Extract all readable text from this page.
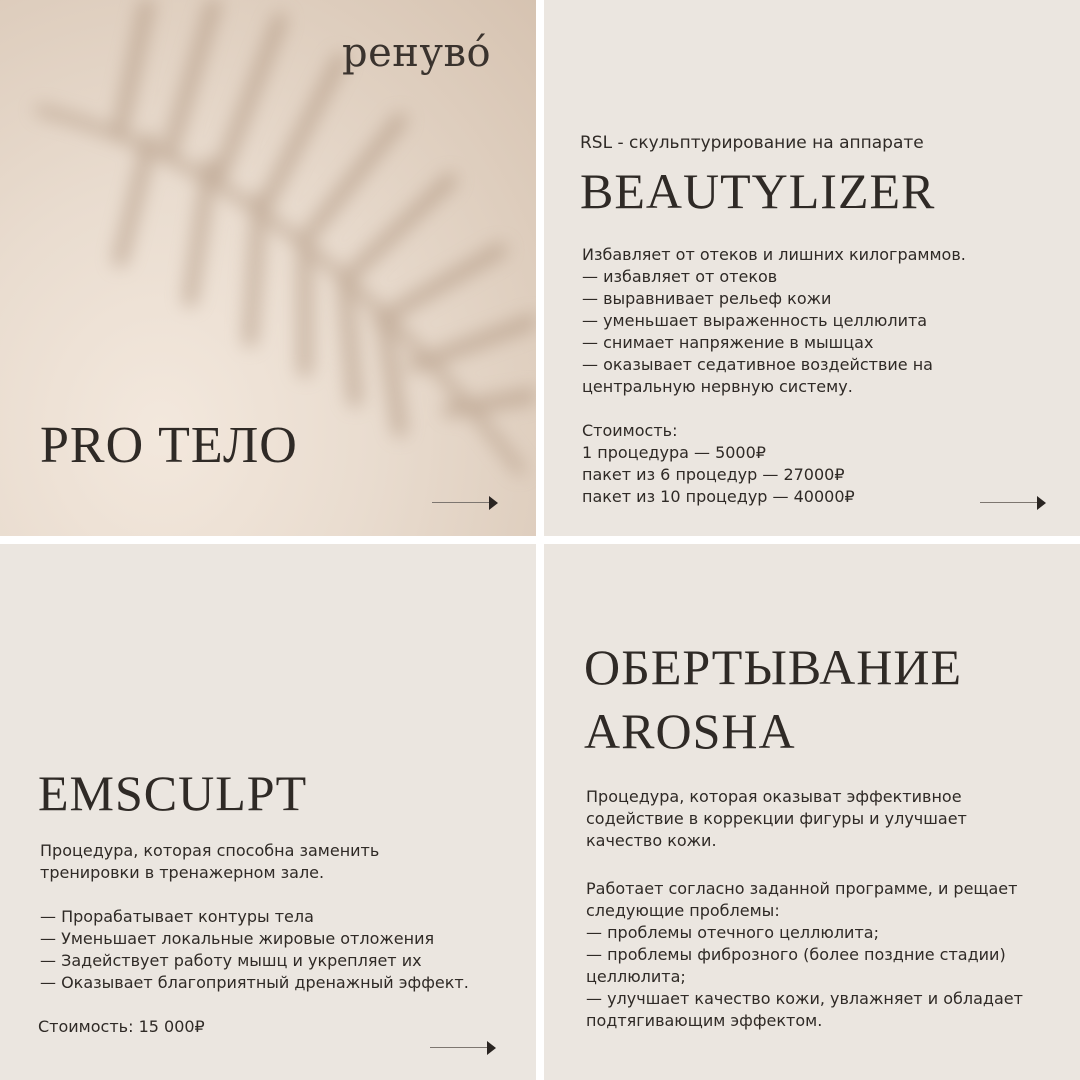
ренуво́
PRO ТЕЛО

RSL - скульптурирование на аппарате

BEAUTYLIZER

Избавляет от отеков и лишних килограммов.
— избавляет от отеков
— выравнивает рельеф кожи
— уменьшает выраженность целлюлита
— снимает напряжение в мышцах
— оказывает седативное воздействие на
центральную нервную систему.

Стоимость:
1 процедура — 5000₽
пакет из 6 процедур — 27000₽
пакет из 10 процедур — 40000₽

EMSCULPT

Процедура, которая способна заменить
тренировки в тренажерном зале.

— Прорабатывает контуры тела
— Уменьшает локальные жировые отложения
— Задействует работу мышц и укрепляет их
— Оказывает благоприятный дренажный эффект.

Стоимость: 15 000₽

ОБЕРТЫВАНИЕ
AROSHA

Процедура, которая оказыват эффективное
содействие в коррекции фигуры и улучшает
качество кожи.

Работает согласно заданной программе, и рещает
следующие проблемы:
— проблемы отечного целлюлита;
— проблемы фиброзного (более поздние стадии)
целлюлита;
— улучшает качество кожи, увлажняет и обладает
подтягивающим эффектом.
